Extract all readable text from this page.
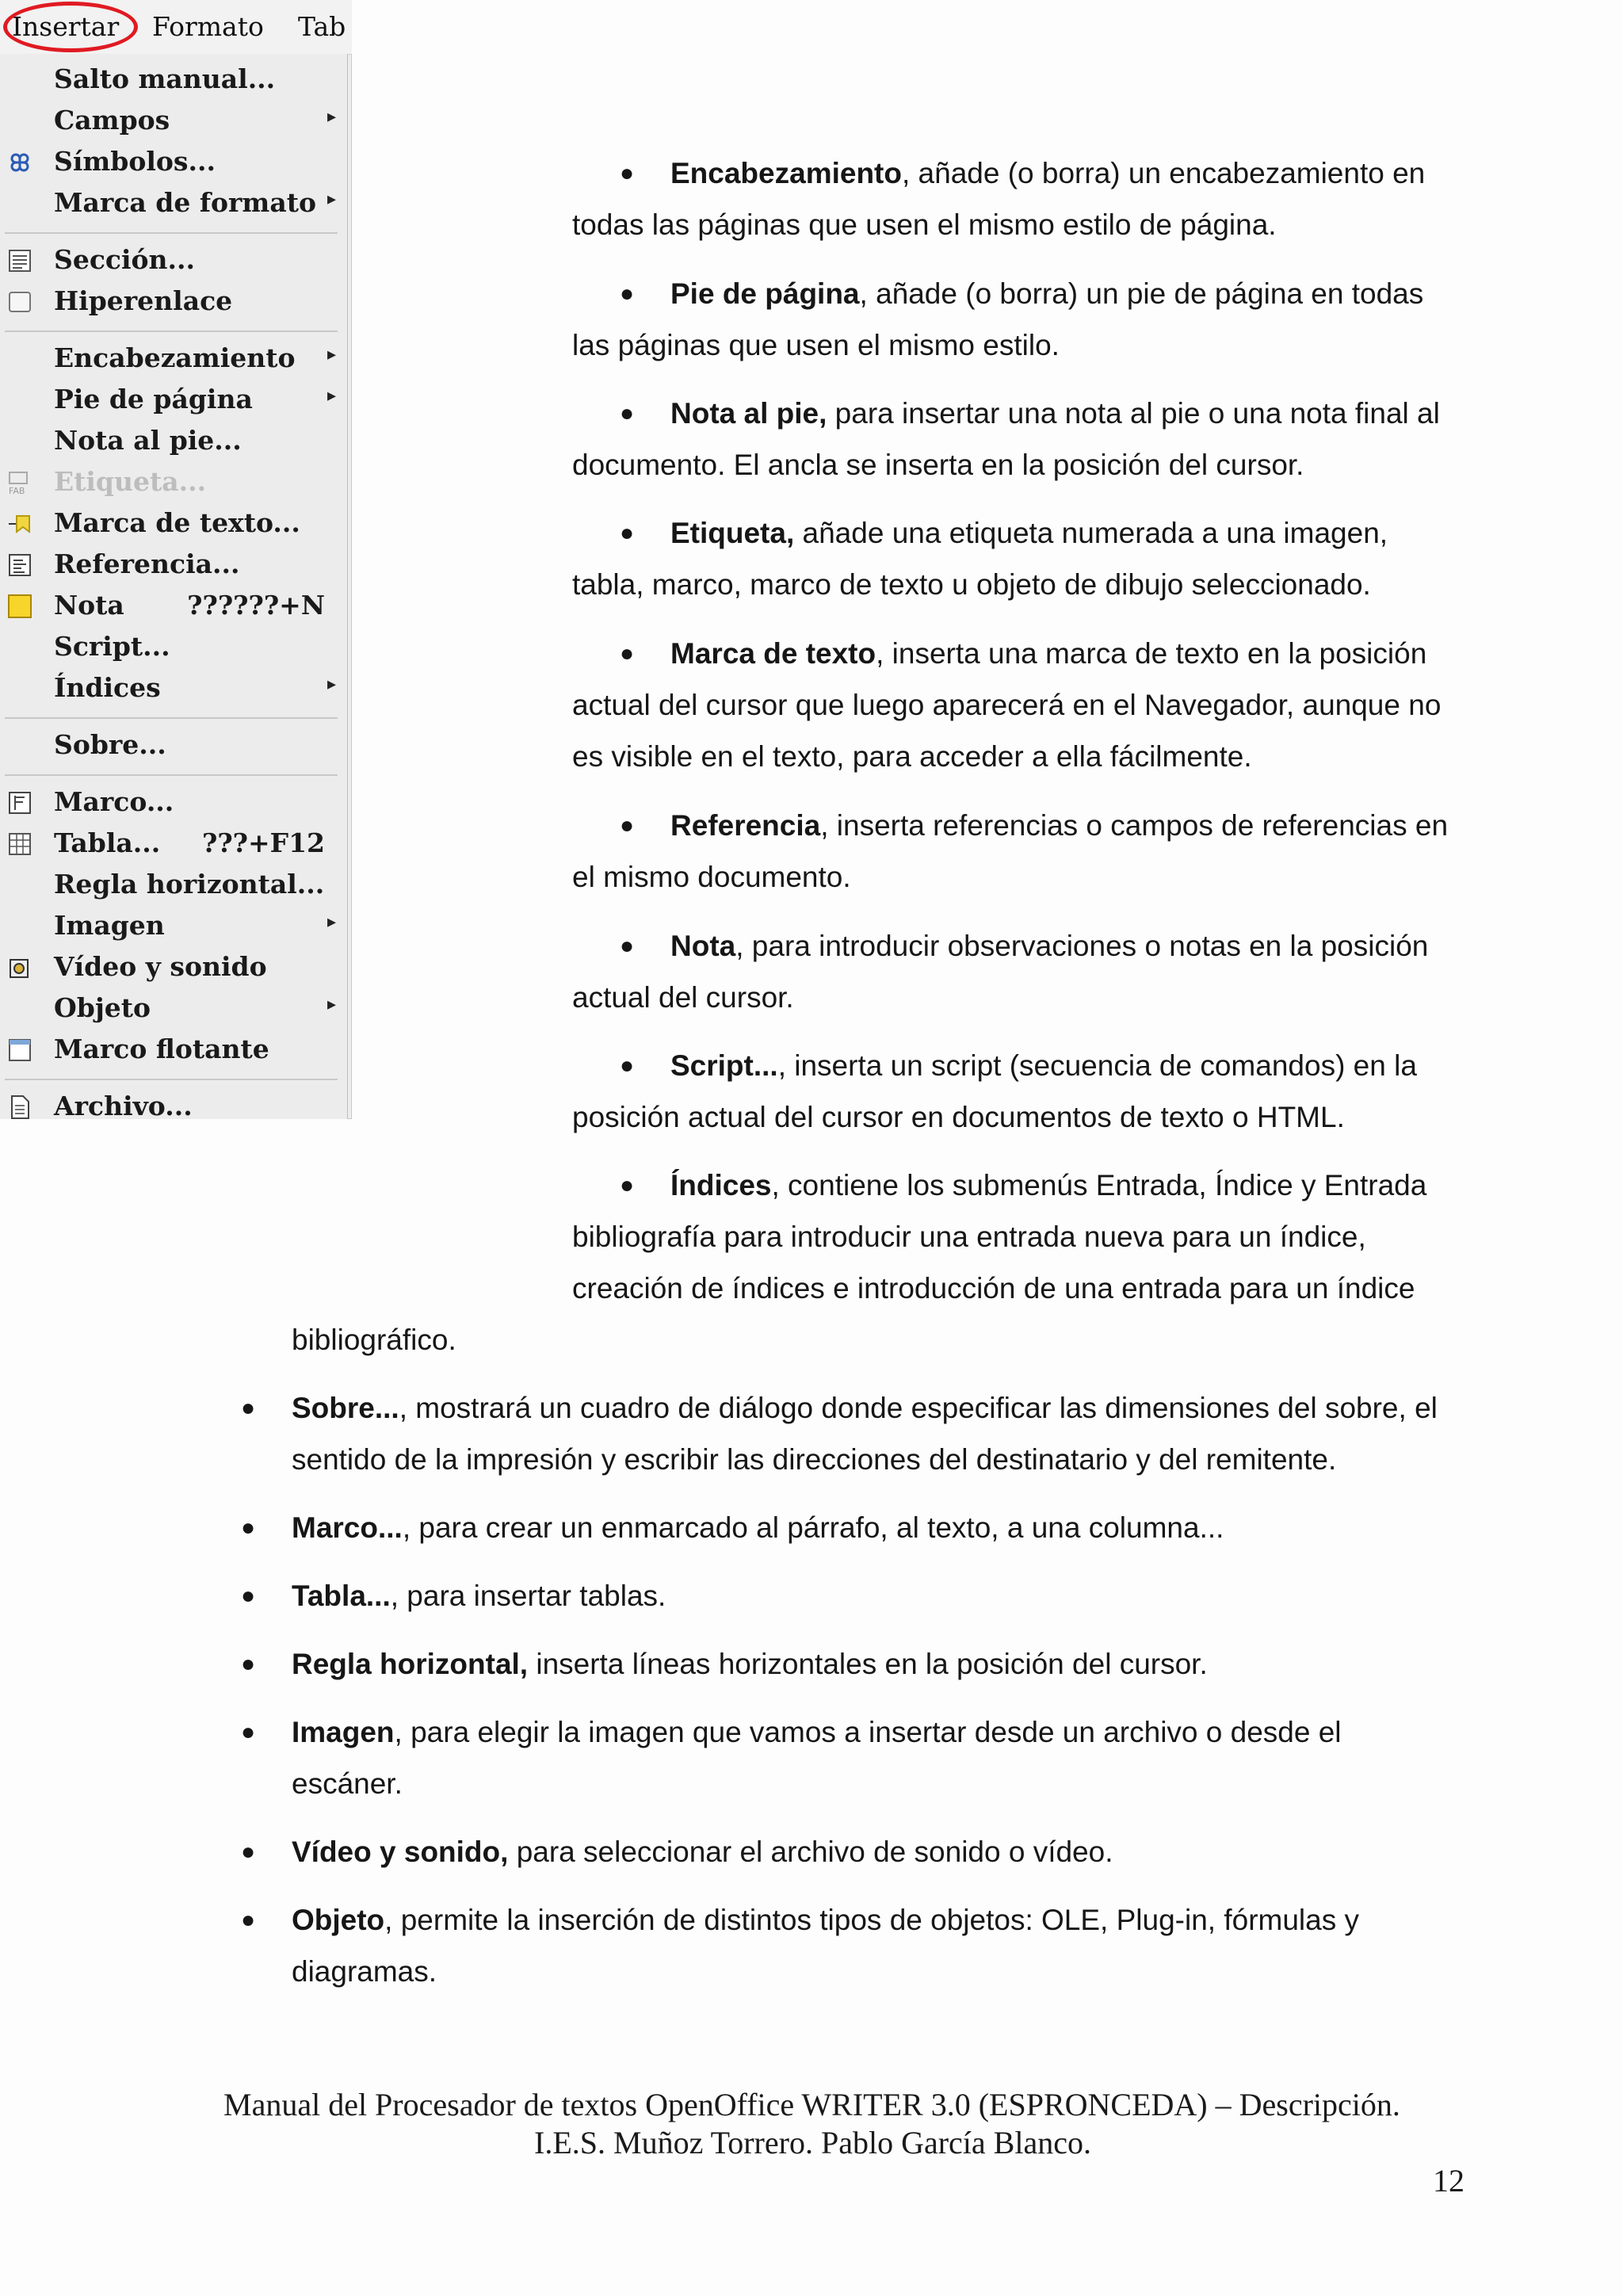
Insertar Formato Tab
Salto manual...
Campos	▸
Símbolos...
Marca de formato ▸
Sección...
Hiperenlace
Encabezamiento ▸
Pie de página	▸
Nota al pie...
FAB Etiqueta...
Marca de texto...
Referencia...
Nota ??????+N
Script...
Índices	▸
Sobre...
Marco...
Tabla... ???+F12
Regla horizontal...
Imagen	▸
Vídeo y sonido
Objeto	▸
Marco flotante
Archivo...
● Encabezamiento, añade (o borra) un encabezamiento en
todas las páginas que usen el mismo estilo de página.
● Pie de página, añade (o borra) un pie de página en todas
las páginas que usen el mismo estilo.
● Nota al pie, para insertar una nota al pie o una nota final al
documento. El ancla se inserta en la posición del cursor.
● Etiqueta, añade una etiqueta numerada a una imagen,
tabla, marco, marco de texto u objeto de dibujo seleccionado.
● Marca de texto, inserta una marca de texto en la posición
actual del cursor que luego aparecerá en el Navegador, aunque no
es visible en el texto, para acceder a ella fácilmente.
● Referencia, inserta referencias o campos de referencias en
el mismo documento.
● Nota, para introducir observaciones o notas en la posición
actual del cursor.
● Script..., inserta un script (secuencia de comandos) en la
posición actual del cursor en documentos de texto o HTML.
● Índices, contiene los submenús Entrada, Índice y Entrada
bibliografía para introducir una entrada nueva para un índice,
creación de índices e introducción de una entrada para un índice
bibliográfico.
● Sobre..., mostrará un cuadro de diálogo donde especificar las dimensiones del sobre, el
sentido de la impresión y escribir las direcciones del destinatario y del remitente.
● Marco..., para crear un enmarcado al párrafo, al texto, a una columna...
● Tabla..., para insertar tablas.
● Regla horizontal, inserta líneas horizontales en la posición del cursor.
● Imagen, para elegir la imagen que vamos a insertar desde un archivo o desde el
escáner.
● Vídeo y sonido, para seleccionar el archivo de sonido o vídeo.
● Objeto, permite la inserción de distintos tipos de objetos: OLE, Plug-in, fórmulas y
diagramas.
Manual del Procesador de textos OpenOffice WRITER 3.0 (ESPRONCEDA) – Descripción.
I.E.S. Muñoz Torrero. Pablo García Blanco.
12
